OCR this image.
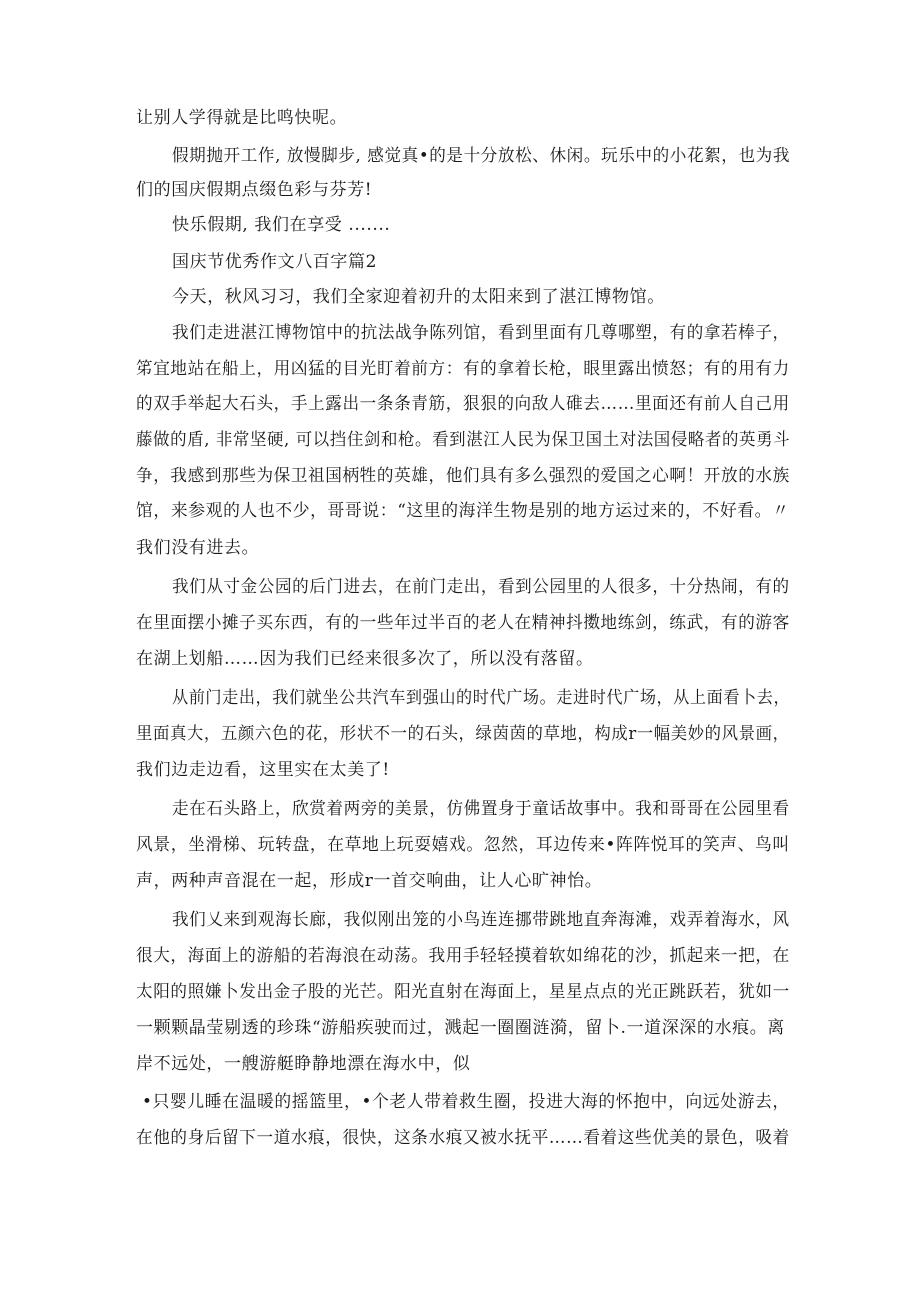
让别人学得就是比鸣快呢。

假期抛开工作, 放慢脚步, 感觉真•的是十分放松、休闲。玩乐中的小花絮，也为我

们的国庆假期点缀色彩与芬芳!

快乐假期, 我们在享受 .......

国庆节优秀作文八百字篇2

今天，秋风习习，我们全家迎着初升的太阳来到了湛江博物馆。

我们走进湛江博物馆中的抗法战争陈列馆，看到里面有几尊哪塑，有的拿若棒子，

笫宜地站在船上，用凶猛的目光盯着前方：有的拿着长枪，眼里露出愤怒；有的用有力

的双手举起大石头，手上露出一条条青筋，狠狠的向敌人碓去……里面还有前人自己用

藤做的盾, 非常坚硬, 可以挡住剑和枪。看到湛江人民为保卫国土对法国侵略者的英勇斗

争，我感到那些为保卫祖国柄牲的英雄，他们具有多么强烈的爱国之心啊！开放的水族

馆，来参观的人也不少，哥哥说：“这里的海洋生物是别的地方运过来的，不好看。〃

我们没有进去。

我们从寸金公园的后门进去，在前门走出，看到公园里的人很多，十分热闹，有的

在里面摆小摊子买东西，有的一些年过半百的老人在精神抖擞地练剑，练武，有的游客

在湖上划船……因为我们已经来很多次了，所以没有落留。

从前门走出，我们就坐公共汽车到强山的时代广场。走进时代广场，从上面看卜去，

里面真大，五颜六色的花，形状不一的石头，绿茵茵的草地，构成r一幅美妙的风景画，

我们边走边看，这里实在太美了!

走在石头路上，欣赏着两旁的美景，仿佛置身于童话故事中。我和哥哥在公园里看

风景，坐滑梯、玩转盘，在草地上玩耍嬉戏。忽然，耳边传来•阵阵悦耳的笑声、鸟叫

声，两种声音混在一起，形成r一首交响曲，让人心旷神怡。

我们乂来到观海长廊，我似刚出笼的小鸟连连挪带跳地直奔海滩，戏弄着海水，风

很大，海面上的游船的若海浪在动荡。我用手轻轻摸着软如绵花的沙，抓起来一把，在

太阳的照嫌卜发出金子股的光芒。阳光直射在海面上，星星点点的光正跳跃若，犹如一

一颗颗晶莹剔透的珍珠“游船疾驶而过，溅起一圈圈涟漪，留卜.一道深深的水痕。离

岸不远处，一艘游艇睁静地漂在海水中，似

•只婴儿睡在温暖的摇篮里，•个老人带着救生圈，投进大海的怀抱中，向远处游去，

在他的身后留下一道水痕，很快，这条水痕又被水抚平……看着这些优美的景色，吸着
